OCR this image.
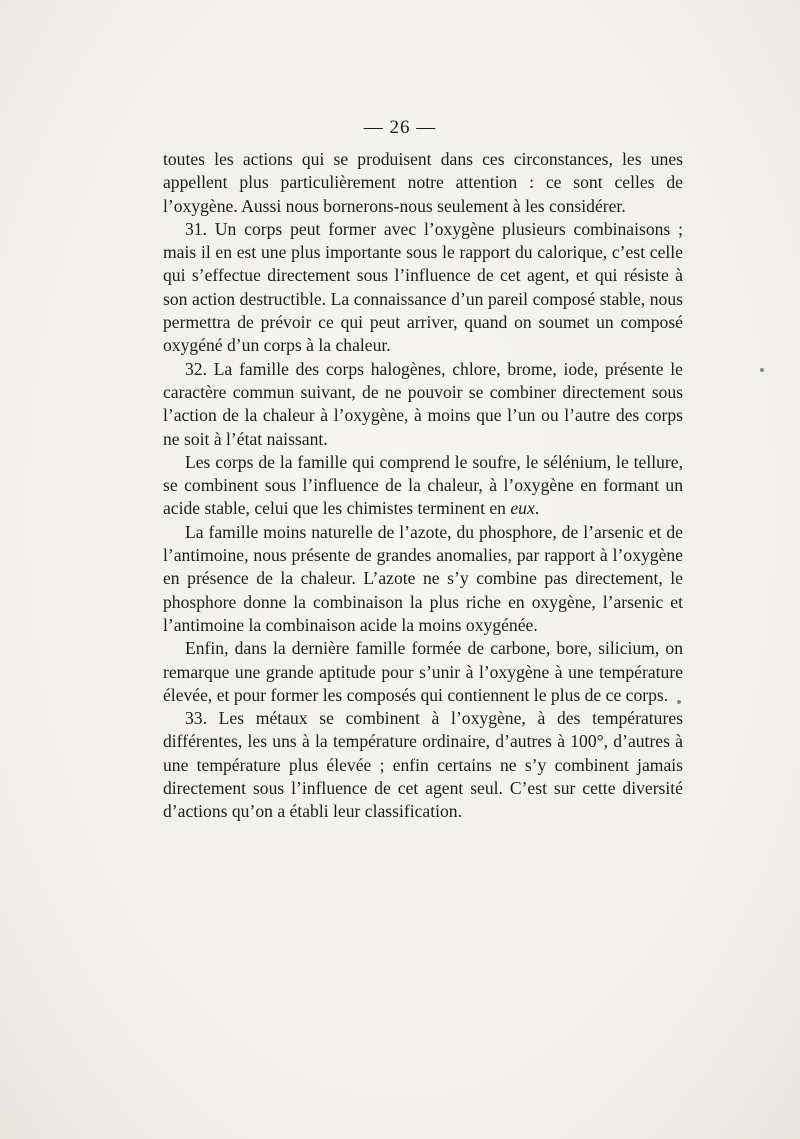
— 26 —

toutes les actions qui se produisent dans ces circonstances, les unes appellent plus particulièrement notre attention : ce sont celles de l’oxygène. Aussi nous bornerons-nous seulement à les considérer.

31. Un corps peut former avec l’oxygène plusieurs combinaisons ; mais il en est une plus importante sous le rapport du calorique, c’est celle qui s’effectue directement sous l’influence de cet agent, et qui résiste à son action destructible. La connaissance d’un pareil composé stable, nous permettra de prévoir ce qui peut arriver, quand on soumet un composé oxygéné d’un corps à la chaleur.

32. La famille des corps halogènes, chlore, brome, iode, présente le caractère commun suivant, de ne pouvoir se combiner directement sous l’action de la chaleur à l’oxygène, à moins que l’un ou l’autre des corps ne soit à l’état naissant.

Les corps de la famille qui comprend le soufre, le sélénium, le tellure, se combinent sous l’influence de la chaleur, à l’oxygène en formant un acide stable, celui que les chimistes terminent en eux.

La famille moins naturelle de l’azote, du phosphore, de l’arsenic et de l’antimoine, nous présente de grandes anomalies, par rapport à l’oxygène en présence de la chaleur. L’azote ne s’y combine pas directement, le phosphore donne la combinaison la plus riche en oxygène, l’arsenic et l’antimoine la combinaison acide la moins oxygénée.

Enfin, dans la dernière famille formée de carbone, bore, silicium, on remarque une grande aptitude pour s’unir à l’oxygène à une température élevée, et pour former les composés qui contiennent le plus de ce corps.

33. Les métaux se combinent à l’oxygène, à des températures différentes, les uns à la température ordinaire, d’autres à 100°, d’autres à une température plus élevée ; enfin certains ne s’y combinent jamais directement sous l’influence de cet agent seul. C’est sur cette diversité d’actions qu’on a établi leur classification.
